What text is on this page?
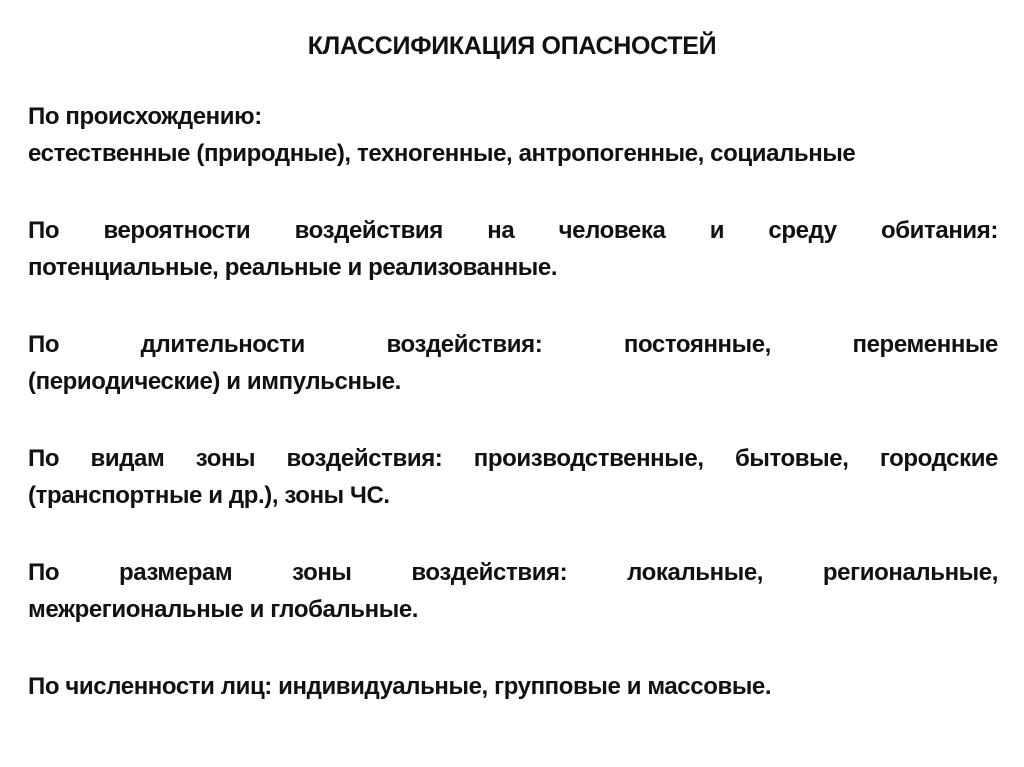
КЛАССИФИКАЦИЯ ОПАСНОСТЕЙ
По происхождению:
естественные (природные), техногенные, антропогенные, социальные
По вероятности воздействия на человека и среду обитания:
потенциальные, реальные и реализованные.
По длительности воздействия: постоянные, переменные
(периодические) и импульсные.
По видам зоны воздействия: производственные, бытовые, городские
(транспортные и др.), зоны ЧС.
По размерам зоны воздействия: локальные, региональные,
межрегиональные и глобальные.
По численности лиц: индивидуальные, групповые и массовые.
